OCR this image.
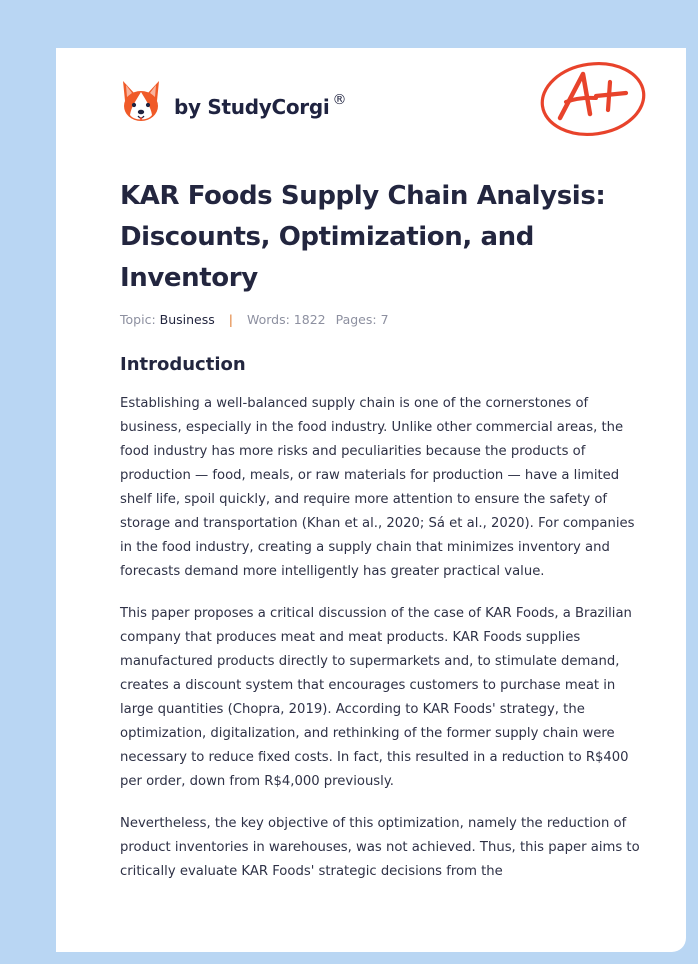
by StudyCorgi ®
KAR Foods Supply Chain Analysis: Discounts, Optimization, and Inventory
Topic: Business | Words: 1822 Pages: 7
Introduction

Establishing a well-balanced supply chain is one of the cornerstones of business, especially in the food industry. Unlike other commercial areas, the food industry has more risks and peculiarities because the products of production — food, meals, or raw materials for production — have a limited shelf life, spoil quickly, and require more attention to ensure the safety of storage and transportation (Khan et al., 2020; Sá et al., 2020). For companies in the food industry, creating a supply chain that minimizes inventory and forecasts demand more intelligently has greater practical value.

This paper proposes a critical discussion of the case of KAR Foods, a Brazilian company that produces meat and meat products. KAR Foods supplies manufactured products directly to supermarkets and, to stimulate demand, creates a discount system that encourages customers to purchase meat in large quantities (Chopra, 2019). According to KAR Foods' strategy, the optimization, digitalization, and rethinking of the former supply chain were necessary to reduce fixed costs. In fact, this resulted in a reduction to R$400 per order, down from R$4,000 previously.

Nevertheless, the key objective of this optimization, namely the reduction of product inventories in warehouses, was not achieved. Thus, this paper aims to critically evaluate KAR Foods' strategic decisions from the
